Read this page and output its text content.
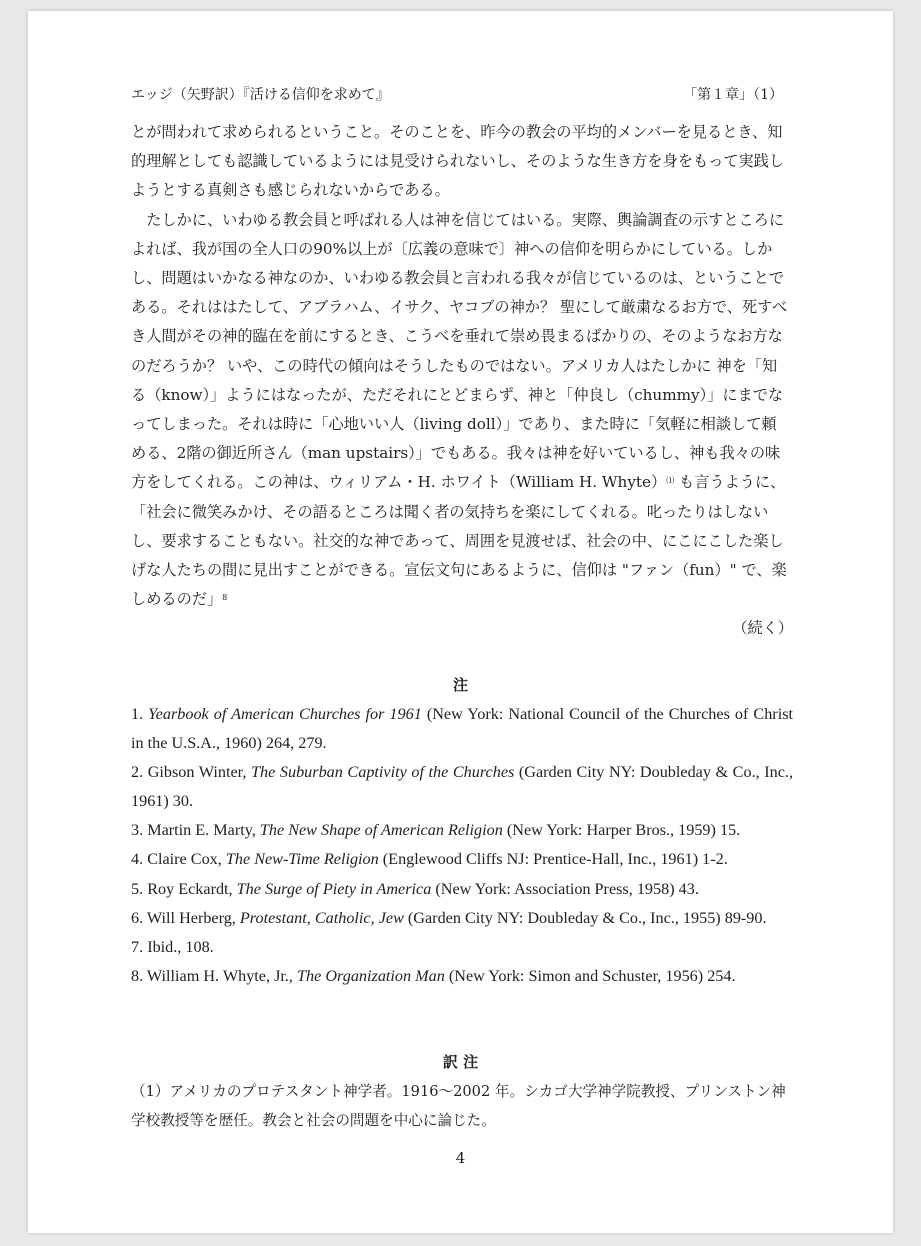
エッジ（矢野訳）『活ける信仰を求めて』	「第１章」（1）

とが問われて求められるということ。そのことを、昨今の教会の平均的メンバーを見るとき、知的理解としても認識しているようには見受けられないし、そのような生き方を身をもって実践しようとする真剣さも感じられないからである。

たしかに、いわゆる教会員と呼ばれる人は神を信じてはいる。実際、輿論調査の示すところによれば、我が国の全人口の90%以上が〔広義の意味で〕神への信仰を明らかにしている。しかし、問題はいかなる神なのか、いわゆる教会員と言われる我々が信じているのは、ということである。それははたして、アブラハム、イサク、ヤコブの神か？ 聖にして厳粛なるお方で、死すべき人間がその神的臨在を前にするとき、こうべを垂れて崇め畏まるばかりの、そのようなお方なのだろうか？ いや、この時代の傾向はそうしたものではない。アメリカ人はたしかに 神を「知る（know）」ようにはなったが、ただそれにとどまらず、神と「仲良し（chummy）」にまでなってしまった。それは時に「心地いい人（living doll）」であり、また時に「気軽に相談して頼める、2階の御近所さん（man upstairs）」でもある。我々は神を好いているし、神も我々の味方をしてくれる。この神は、ウィリアム・H. ホワイト（William H. Whyte）⑴ も言うように、「社会に微笑みかけ、その語るところは聞く者の気持ちを楽にしてくれる。叱ったりはしないし、要求することもない。社交的な神であって、周囲を見渡せば、社会の中、にこにこした楽しげな人たちの間に見出すことができる。宣伝文句にあるように、信仰は "ファン（fun）" で、楽しめるのだ」$^8$

（続く）
注
1. Yearbook of American Churches for 1961 (New York: National Council of the Churches of Christ in the U.S.A., 1960) 264, 279.
2. Gibson Winter, The Suburban Captivity of the Churches (Garden City NY: Doubleday & Co., Inc., 1961) 30.
3. Martin E. Marty, The New Shape of American Religion (New York: Harper Bros., 1959) 15.
4. Claire Cox, The New-Time Religion (Englewood Cliffs NJ: Prentice-Hall, Inc., 1961) 1-2.
5. Roy Eckardt, The Surge of Piety in America (New York: Association Press, 1958) 43.
6. Will Herberg, Protestant, Catholic, Jew (Garden City NY: Doubleday & Co., Inc., 1955) 89-90.
7. Ibid., 108.
8. William H. Whyte, Jr., The Organization Man (New York: Simon and Schuster, 1956) 254.
訳 注
（1）アメリカのプロテスタント神学者。1916～2002 年。シカゴ大学神学院教授、プリンストン神学校教授等を歴任。教会と社会の問題を中心に論じた。
4
